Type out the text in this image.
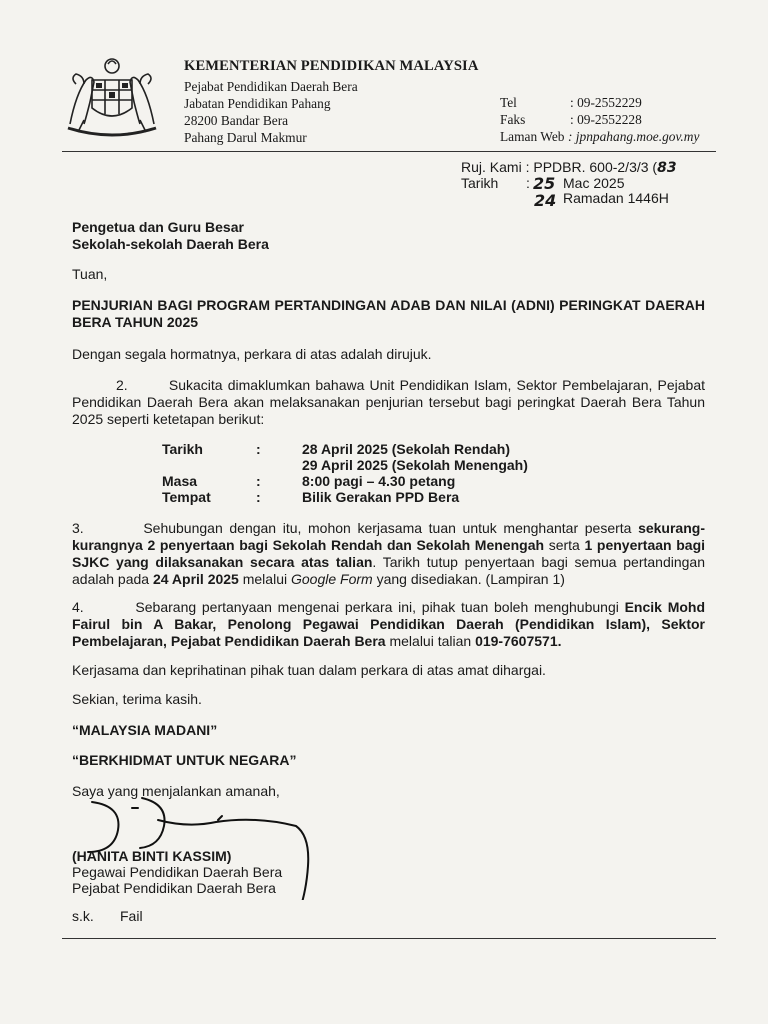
KEMENTERIAN PENDIDIKAN MALAYSIA
Pejabat Pendidikan Daerah Bera
Jabatan Pendidikan Pahang
28200 Bandar Bera
Pahang Darul Makmur
Tel	: 09-2552229
Faks	: 09-2552228
Laman Web : jpnpahang.moe.gov.my
Ruj. Kami : PPDBR. 600-2/3/3 (83
Tarikh : 25 Mac 2025
24 Ramadan 1446H
Pengetua dan Guru Besar
Sekolah-sekolah Daerah Bera
Tuan,
PENJURIAN BAGI PROGRAM PERTANDINGAN ADAB DAN NILAI (ADNI) PERINGKAT DAERAH BERA TAHUN 2025
Dengan segala hormatnya, perkara di atas adalah dirujuk.
2.	Sukacita dimaklumkan bahawa Unit Pendidikan Islam, Sektor Pembelajaran, Pejabat Pendidikan Daerah Bera akan melaksanakan penjurian tersebut bagi peringkat Daerah Bera Tahun 2025 seperti ketetapan berikut:
Tarikh	:	28 April 2025 (Sekolah Rendah)
29 April 2025 (Sekolah Menengah)
Masa	:	8:00 pagi – 4.30 petang
Tempat	:	Bilik Gerakan PPD Bera
3.	Sehubungan dengan itu, mohon kerjasama tuan untuk menghantar peserta sekurang-kurangnya 2 penyertaan bagi Sekolah Rendah dan Sekolah Menengah serta 1 penyertaan bagi SJKC yang dilaksanakan secara atas talian. Tarikh tutup penyertaan bagi semua pertandingan adalah pada 24 April 2025 melalui Google Form yang disediakan. (Lampiran 1)
4.	Sebarang pertanyaan mengenai perkara ini, pihak tuan boleh menghubungi Encik Mohd Fairul bin A Bakar, Penolong Pegawai Pendidikan Daerah (Pendidikan Islam), Sektor Pembelajaran, Pejabat Pendidikan Daerah Bera melalui talian 019-7607571.
Kerjasama dan keprihatinan pihak tuan dalam perkara di atas amat dihargai.
Sekian, terima kasih.
“MALAYSIA MADANI”
“BERKHIDMAT UNTUK NEGARA”
Saya yang menjalankan amanah,
(HANITA BINTI KASSIM)
Pegawai Pendidikan Daerah Bera
Pejabat Pendidikan Daerah Bera
s.k. Fail
